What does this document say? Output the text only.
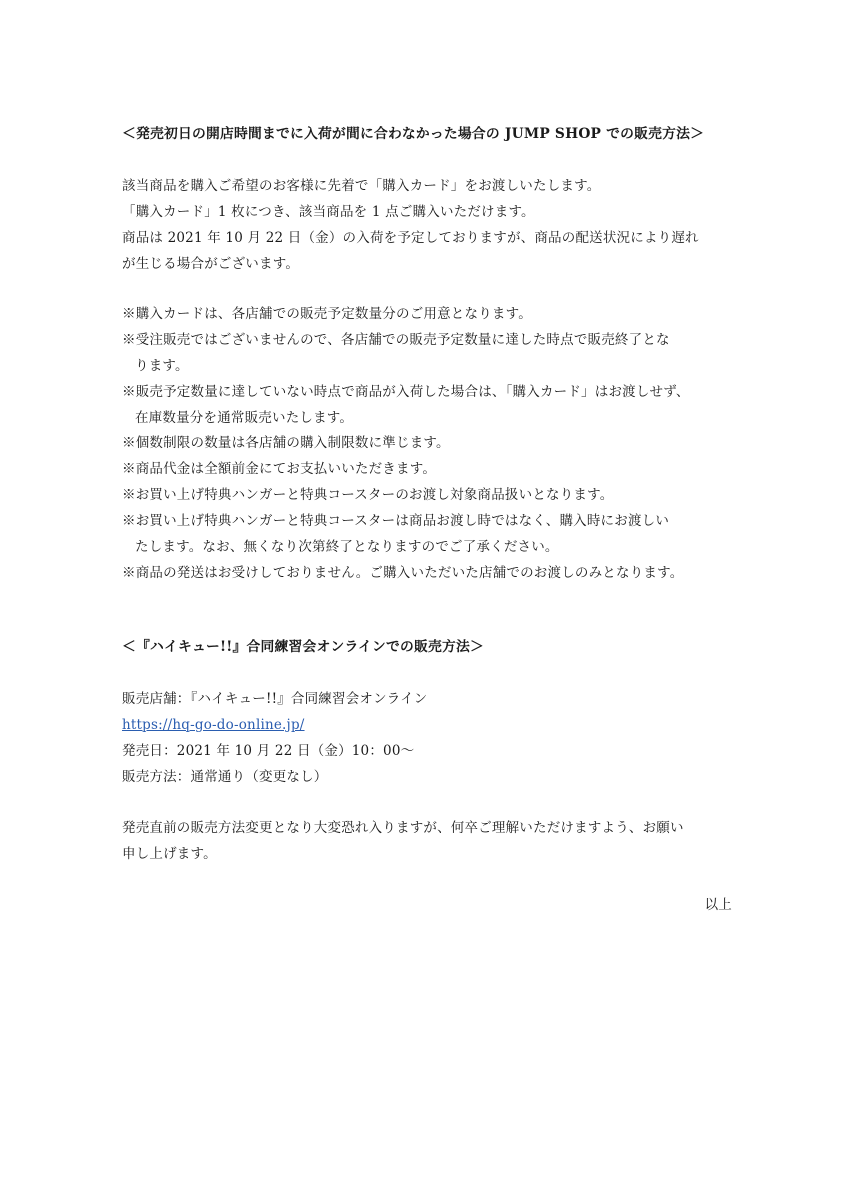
＜発売初日の開店時間までに入荷が間に合わなかった場合の JUMP SHOP での販売方法＞
該当商品を購入ご希望のお客様に先着で「購入カード」をお渡しいたします。
「購入カード」1 枚につき、該当商品を 1 点ご購入いただけます。
商品は 2021 年 10 月 22 日（金）の入荷を予定しておりますが、商品の配送状況により遅れ
が生じる場合がございます。
※購入カードは、各店舗での販売予定数量分のご用意となります。
※受注販売ではございませんので、各店舗での販売予定数量に達した時点で販売終了とな
ります。
※販売予定数量に達していない時点で商品が入荷した場合は、「購入カード」はお渡しせず、
在庫数量分を通常販売いたします。
※個数制限の数量は各店舗の購入制限数に準じます。
※商品代金は全額前金にてお支払いいただきます。
※お買い上げ特典ハンガーと特典コースターのお渡し対象商品扱いとなります。
※お買い上げ特典ハンガーと特典コースターは商品お渡し時ではなく、購入時にお渡しい
たします。なお、無くなり次第終了となりますのでご了承ください。
※商品の発送はお受けしておりません。ご購入いただいた店舗でのお渡しのみとなります。
＜『ハイキュー!!』合同練習会オンラインでの販売方法＞
販売店舗：『ハイキュー!!』合同練習会オンライン
https://hq-go-do-online.jp/
発売日：2021 年 10 月 22 日（金）10：00〜
販売方法：通常通り（変更なし）
発売直前の販売方法変更となり大変恐れ入りますが、何卒ご理解いただけますよう、お願い
申し上げます。
以上
